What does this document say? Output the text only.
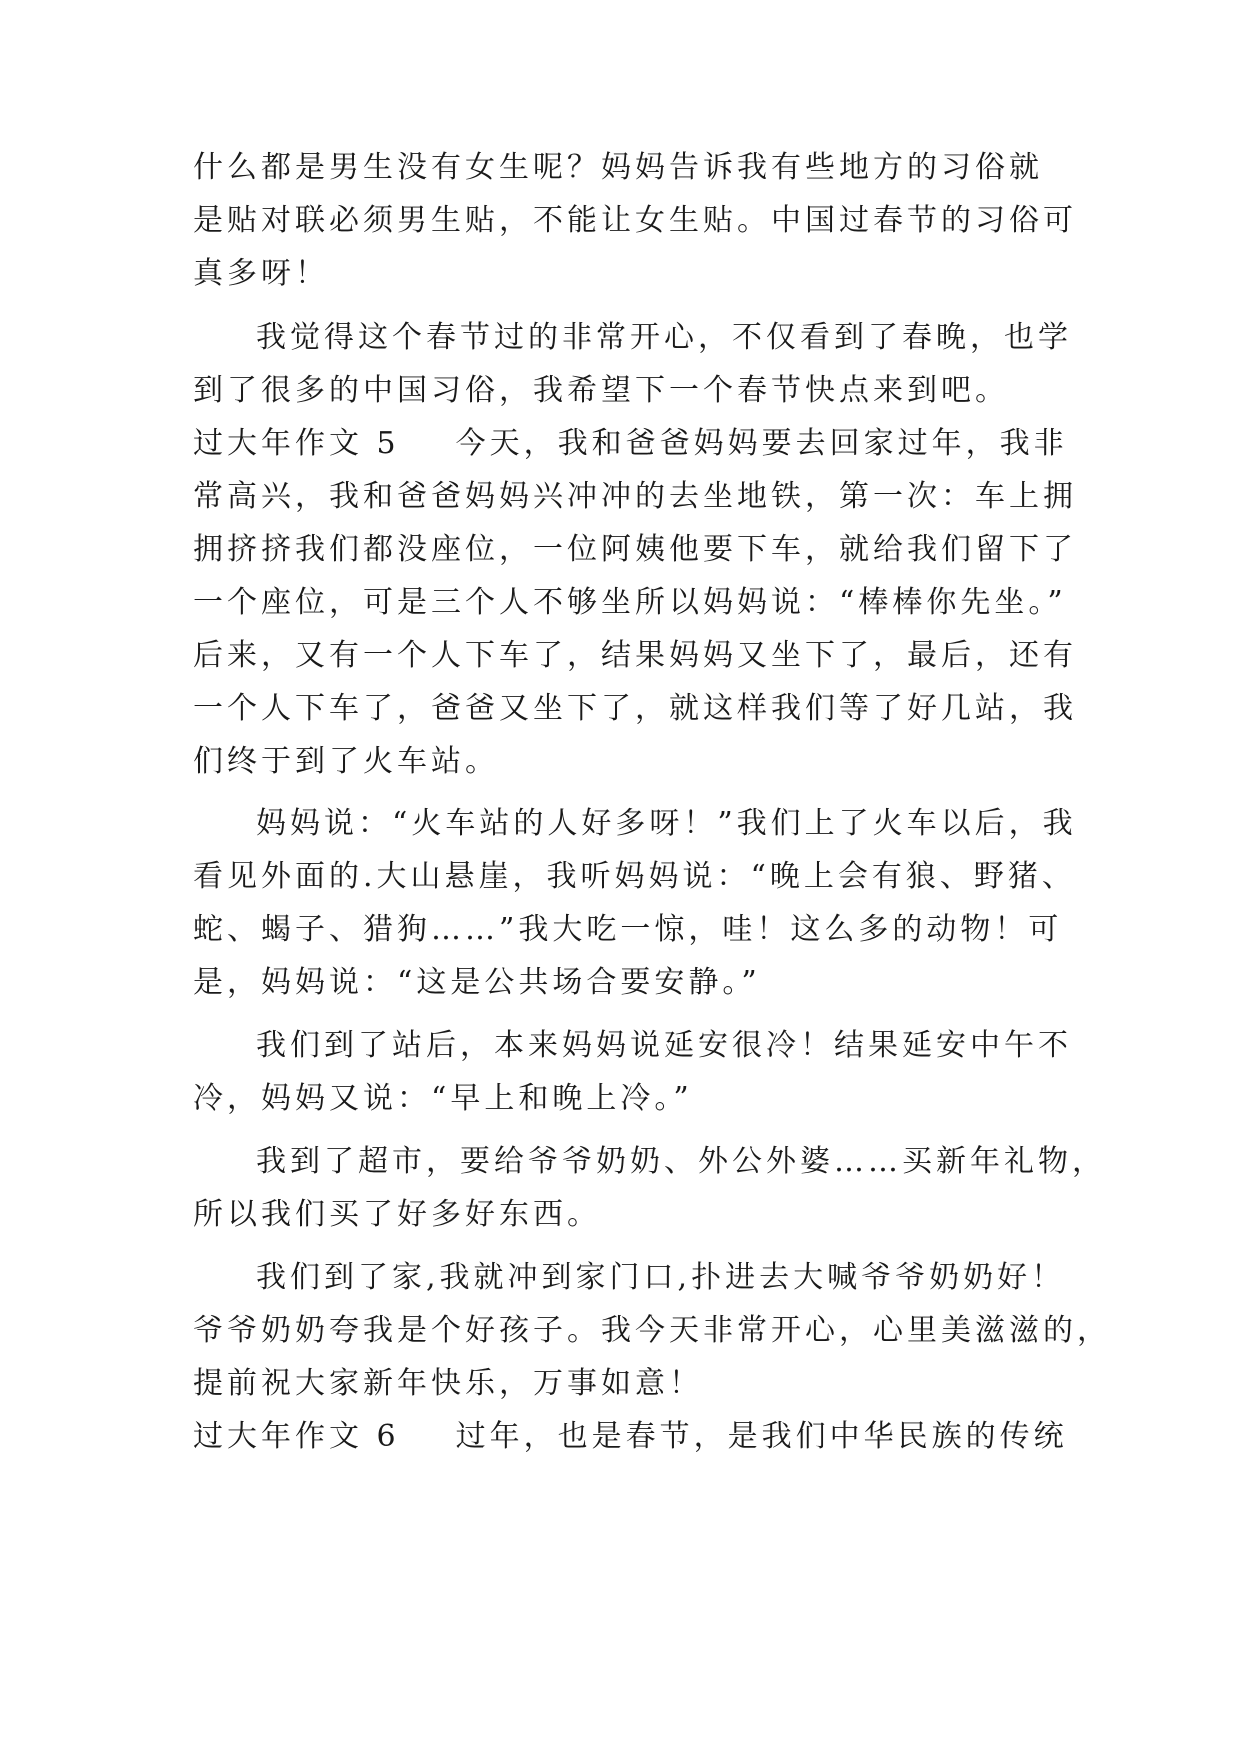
什么都是男生没有女生呢？妈妈告诉我有些地方的习俗就
是贴对联必须男生贴，不能让女生贴。中国过春节的习俗可
真多呀！
我觉得这个春节过的非常开心，不仅看到了春晚，也学
到了很多的中国习俗，我希望下一个春节快点来到吧。
过大年作文 5 今天，我和爸爸妈妈要去回家过年，我非
常高兴，我和爸爸妈妈兴冲冲的去坐地铁，第一次：车上拥
拥挤挤我们都没座位，一位阿姨他要下车，就给我们留下了
一个座位，可是三个人不够坐所以妈妈说：“棒棒你先坐。”
后来，又有一个人下车了，结果妈妈又坐下了，最后，还有
一个人下车了，爸爸又坐下了，就这样我们等了好几站，我
们终于到了火车站。
妈妈说：“火车站的人好多呀！”我们上了火车以后，我
看见外面的.大山悬崖，我听妈妈说：“晚上会有狼、野猪、
蛇、蝎子、猎狗……”我大吃一惊，哇！这么多的动物！可
是，妈妈说：“这是公共场合要安静。”
我们到了站后，本来妈妈说延安很冷！结果延安中午不
冷，妈妈又说：“早上和晚上冷。”
我到了超市，要给爷爷奶奶、外公外婆……买新年礼物，
所以我们买了好多好东西。
我们到了家,我就冲到家门口,扑进去大喊爷爷奶奶好！
爷爷奶奶夸我是个好孩子。我今天非常开心，心里美滋滋的，
提前祝大家新年快乐，万事如意！
过大年作文 6 过年，也是春节，是我们中华民族的传统
